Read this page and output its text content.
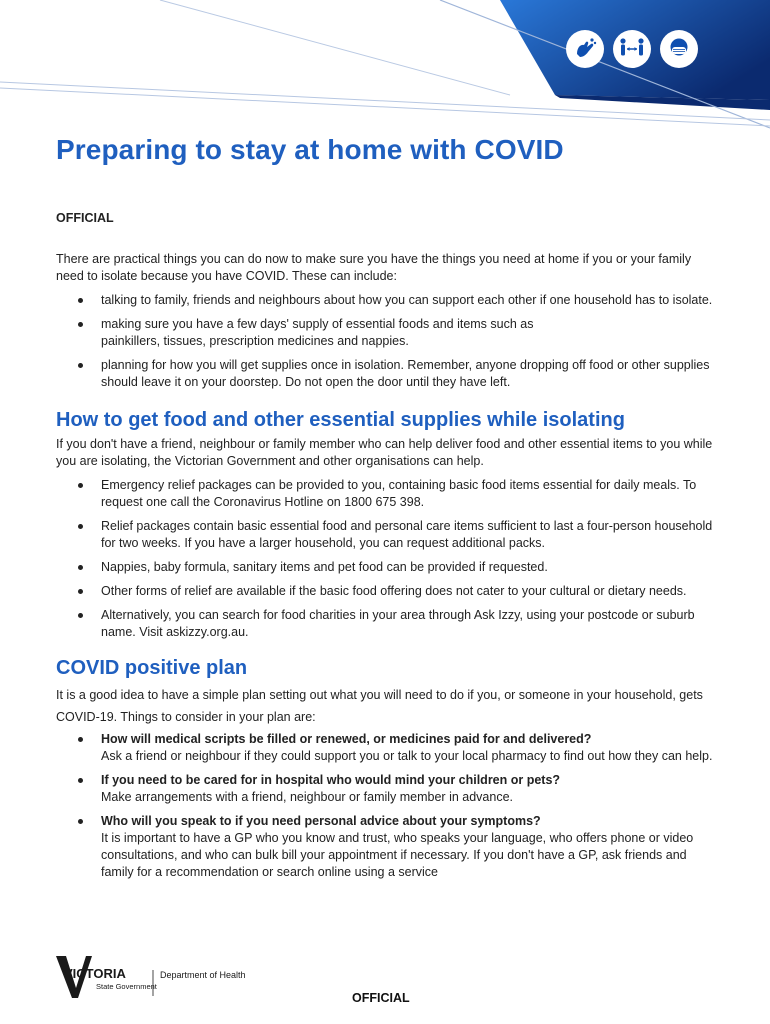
Preparing to stay at home with COVID
OFFICIAL

There are practical things you can do now to make sure you have the things you need at home if you or your family need to isolate because you have COVID. These can include:

talking to family, friends and neighbours about how you can support each other if one household has to isolate.
making sure you have a few days' supply of essential foods and items such as painkillers, tissues, prescription medicines and nappies.
planning for how you will get supplies once in isolation. Remember, anyone dropping off food or other supplies should leave it on your doorstep. Do not open the door until they have left.
How to get food and other essential supplies while isolating

If you don't have a friend, neighbour or family member who can help deliver food and other essential items to you while you are isolating, the Victorian Government and other organisations can help.

Emergency relief packages can be provided to you, containing basic food items essential for daily meals. To request one call the Coronavirus Hotline on 1800 675 398.
Relief packages contain basic essential food and personal care items sufficient to last a four-person household for two weeks. If you have a larger household, you can request additional packs.
Nappies, baby formula, sanitary items and pet food can be provided if requested.
Other forms of relief are available if the basic food offering does not cater to your cultural or dietary needs.
Alternatively, you can search for food charities in your area through Ask Izzy, using your postcode or suburb name. Visit askizzy.org.au.
COVID positive plan

It is a good idea to have a simple plan setting out what you will need to do if you, or someone in your household, gets COVID-19. Things to consider in your plan are:

How will medical scripts be filled or renewed, or medicines paid for and delivered?
Ask a friend or neighbour if they could support you or talk to your local pharmacy to find out how they can help.
If you need to be cared for in hospital who would mind your children or pets?
Make arrangements with a friend, neighbour or family member in advance.
Who will you speak to if you need personal advice about your symptoms?
It is important to have a GP who you know and trust, who speaks your language, who offers phone or video consultations, and who can bulk bill your appointment if necessary. If you don't have a GP, ask friends and family for a recommendation or search online using a service
VICTORIA
State Government
Department of Health
OFFICIAL
